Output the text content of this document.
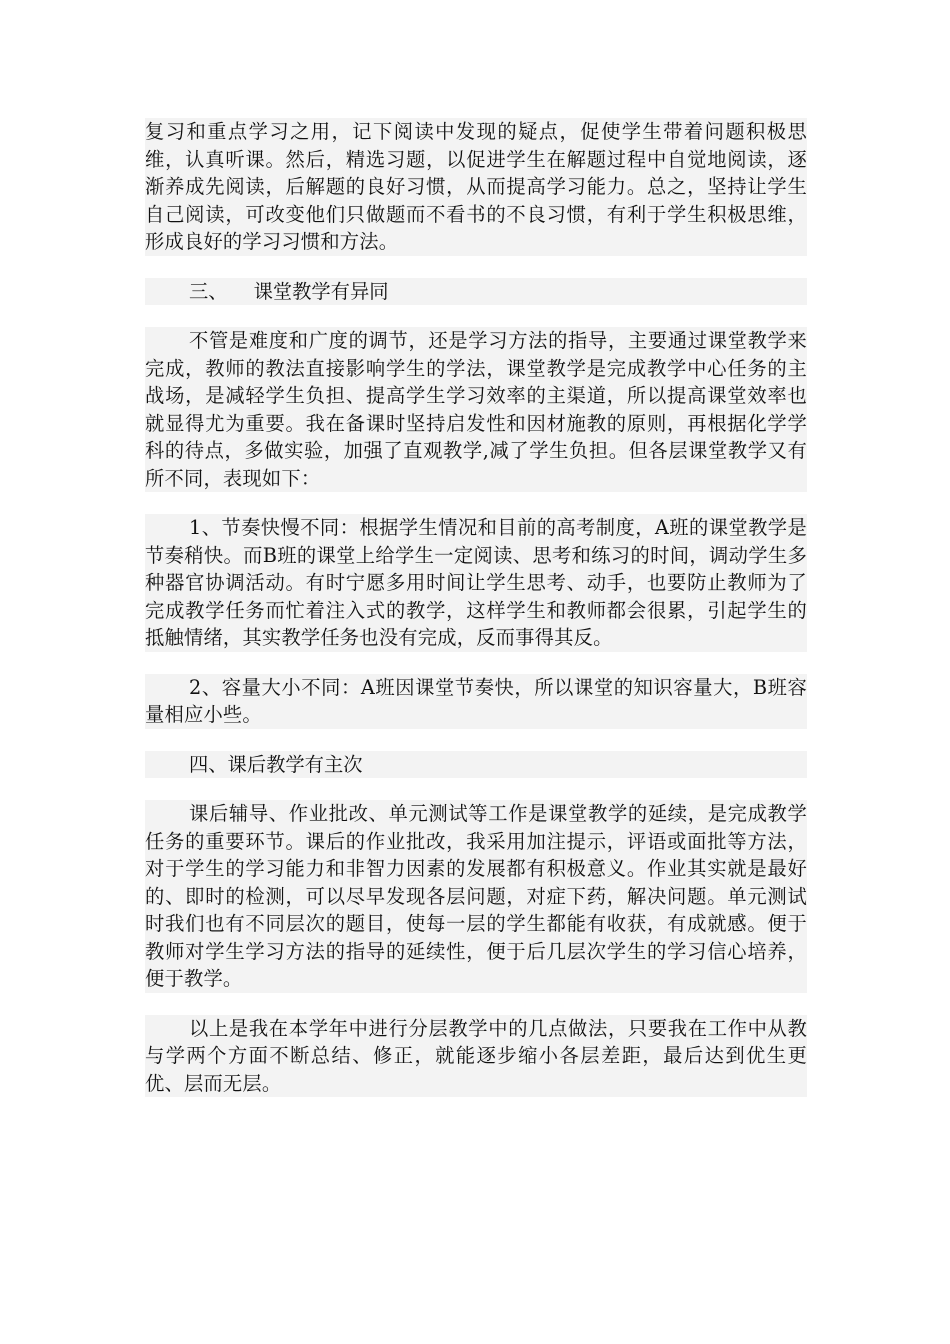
复习和重点学习之用，记下阅读中发现的疑点，促使学生带着问题积极思维，认真听课。然后，精选习题，以促进学生在解题过程中自觉地阅读，逐渐养成先阅读，后解题的良好习惯，从而提高学习能力。总之，坚持让学生自己阅读，可改变他们只做题而不看书的不良习惯，有利于学生积极思维，形成良好的学习习惯和方法。

三、 课堂教学有异同

不管是难度和广度的调节，还是学习方法的指导，主要通过课堂教学来完成，教师的教法直接影响学生的学法，课堂教学是完成教学中心任务的主战场，是减轻学生负担、提高学生学习效率的主渠道，所以提高课堂效率也就显得尤为重要。我在备课时坚持启发性和因材施教的原则，再根据化学学科的待点，多做实验，加强了直观教学,减了学生负担。但各层课堂教学又有所不同，表现如下：

1、节奏快慢不同：根据学生情况和目前的高考制度，A班的课堂教学是节奏稍快。而B班的课堂上给学生一定阅读、思考和练习的时间，调动学生多种器官协调活动。有时宁愿多用时间让学生思考、动手，也要防止教师为了完成教学任务而忙着注入式的教学，这样学生和教师都会很累，引起学生的抵触情绪，其实教学任务也没有完成，反而事得其反。

2、容量大小不同：A班因课堂节奏快，所以课堂的知识容量大，B班容量相应小些。

四、课后教学有主次

课后辅导、作业批改、单元测试等工作是课堂教学的延续，是完成教学任务的重要环节。课后的作业批改，我采用加注提示，评语或面批等方法，对于学生的学习能力和非智力因素的发展都有积极意义。作业其实就是最好的、即时的检测，可以尽早发现各层问题，对症下药，解决问题。单元测试时我们也有不同层次的题目，使每一层的学生都能有收获，有成就感。便于教师对学生学习方法的指导的延续性，便于后几层次学生的学习信心培养，便于教学。

以上是我在本学年中进行分层教学中的几点做法，只要我在工作中从教与学两个方面不断总结、修正，就能逐步缩小各层差距，最后达到优生更优、层而无层。
